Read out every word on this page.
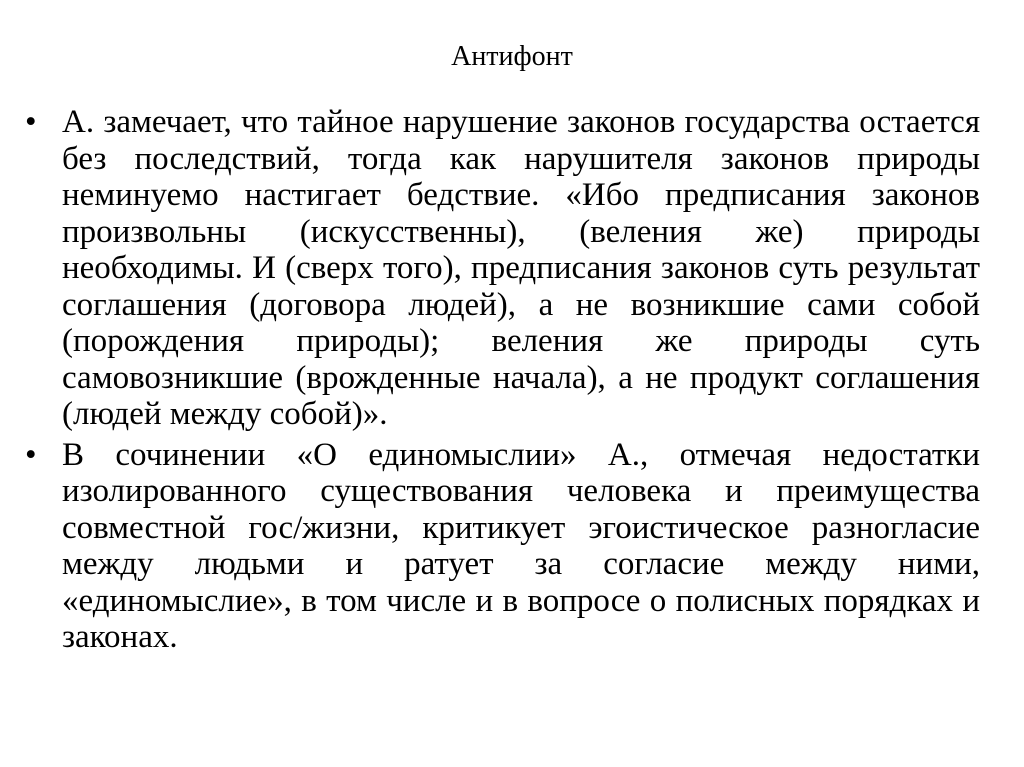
Антифонт
• А. замечает, что тайное нарушение законов государства остается без последствий, тогда как нарушителя законов природы неминуемо настигает бедствие. «Ибо предписания законов произвольны (искусственны), (веления же) природы необходимы. И (сверх того), предписания законов суть результат соглашения (договора людей), а не возникшие сами собой (порождения природы); веления же природы суть самовозникшие (врожденные начала), а не продукт соглашения (людей между собой)».
• В сочинении «О единомыслии» А., отмечая недостатки изолированного существования человека и преимущества совместной гос/жизни, критикует эгоистическое разногласие между людьми и ратует за согласие между ними, «единомыслие», в том числе и в вопросе о полисных порядках и законах.
